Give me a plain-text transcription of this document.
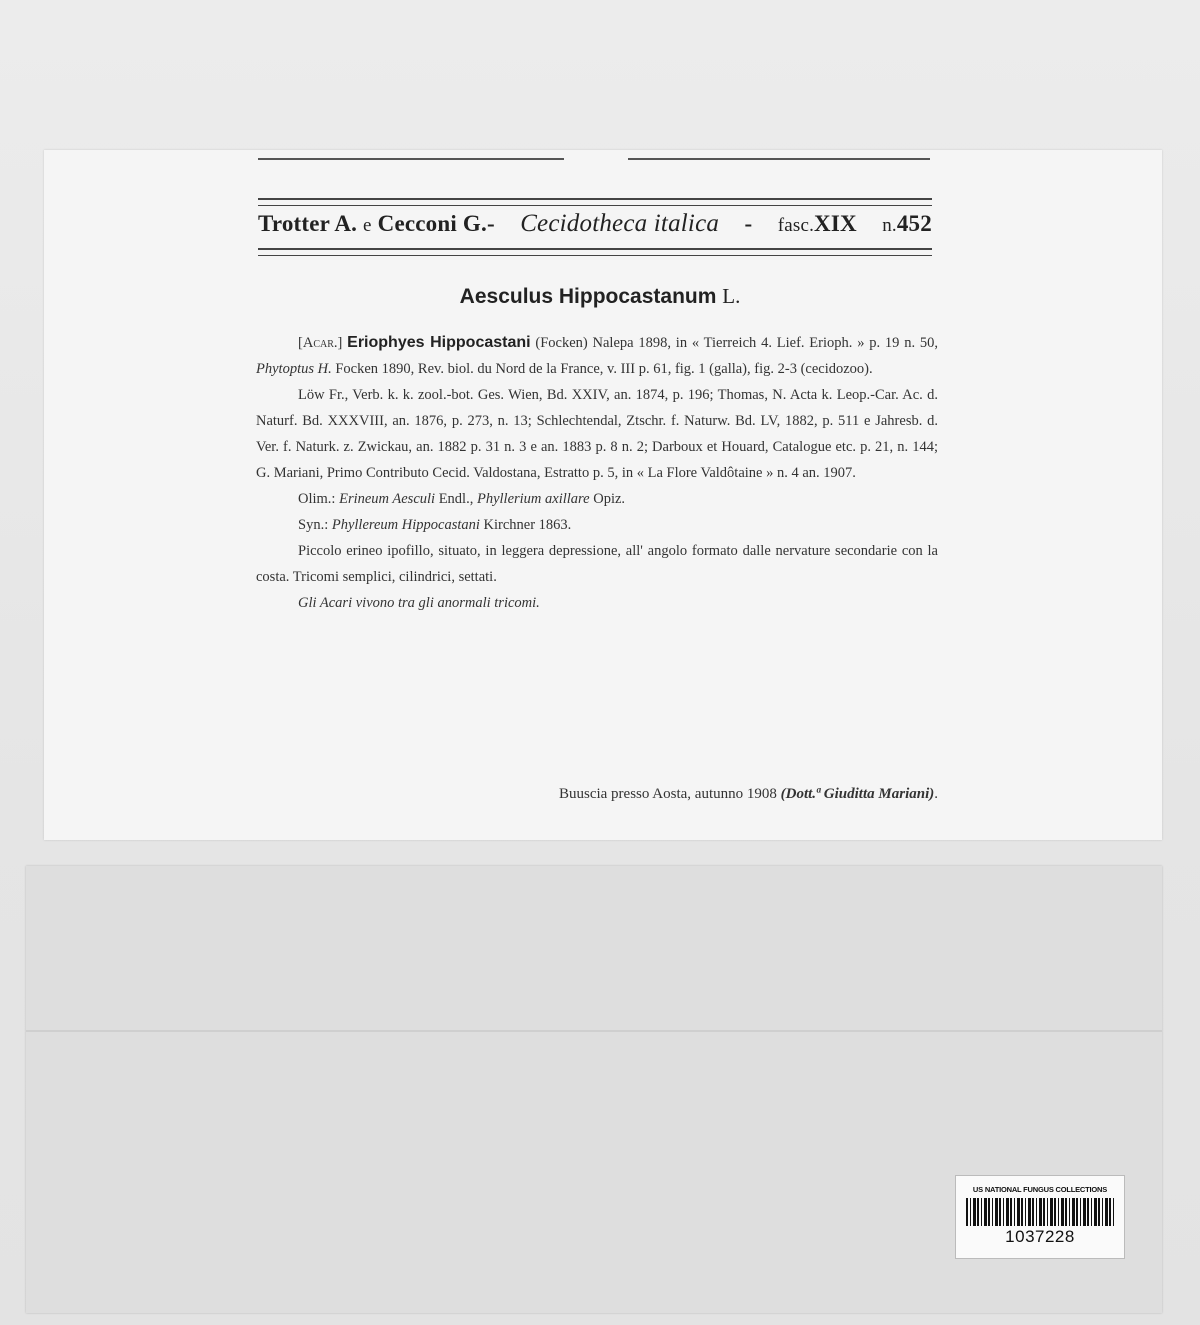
Trotter A. e Cecconi G.- Cecidotheca italica - fasc.XIX n.452
Aesculus Hippocastanum L.

[Acar.] Eriophyes Hippocastani (Focken) Nalepa 1898, in « Tierreich 4. Lief. Erioph. » p. 19 n. 50, Phytoptus H. Focken 1890, Rev. biol. du Nord de la France, v. III p. 61, fig. 1 (galla), fig. 2-3 (cecidozoo).

Löw Fr., Verb. k. k. zool.-bot. Ges. Wien, Bd. XXIV, an. 1874, p. 196; Thomas, N. Acta k. Leop.-Car. Ac. d. Naturf. Bd. XXXVIII, an. 1876, p. 273, n. 13; Schlechtendal, Ztschr. f. Naturw. Bd. LV, 1882, p. 511 e Jahresb. d. Ver. f. Naturk. z. Zwickau, an. 1882 p. 31 n. 3 e an. 1883 p. 8 n. 2; Darboux et Houard, Catalogue etc. p. 21, n. 144; G. Mariani, Primo Contributo Cecid. Valdostana, Estratto p. 5, in « La Flore Valdôtaine » n. 4 an. 1907.

Olim.: Erineum Aesculi Endl., Phyllerium axillare Opiz.

Syn.: Phyllereum Hippocastani Kirchner 1863.

Piccolo erineo ipofillo, situato, in leggera depressione, all' angolo formato dalle nervature secondarie con la costa. Tricomi semplici, cilindrici, settati.

Gli Acari vivono tra gli anormali tricomi.

Buuscia presso Aosta, autunno 1908 (Dott.ª Giuditta Mariani).
US NATIONAL FUNGUS COLLECTIONS
1037228
